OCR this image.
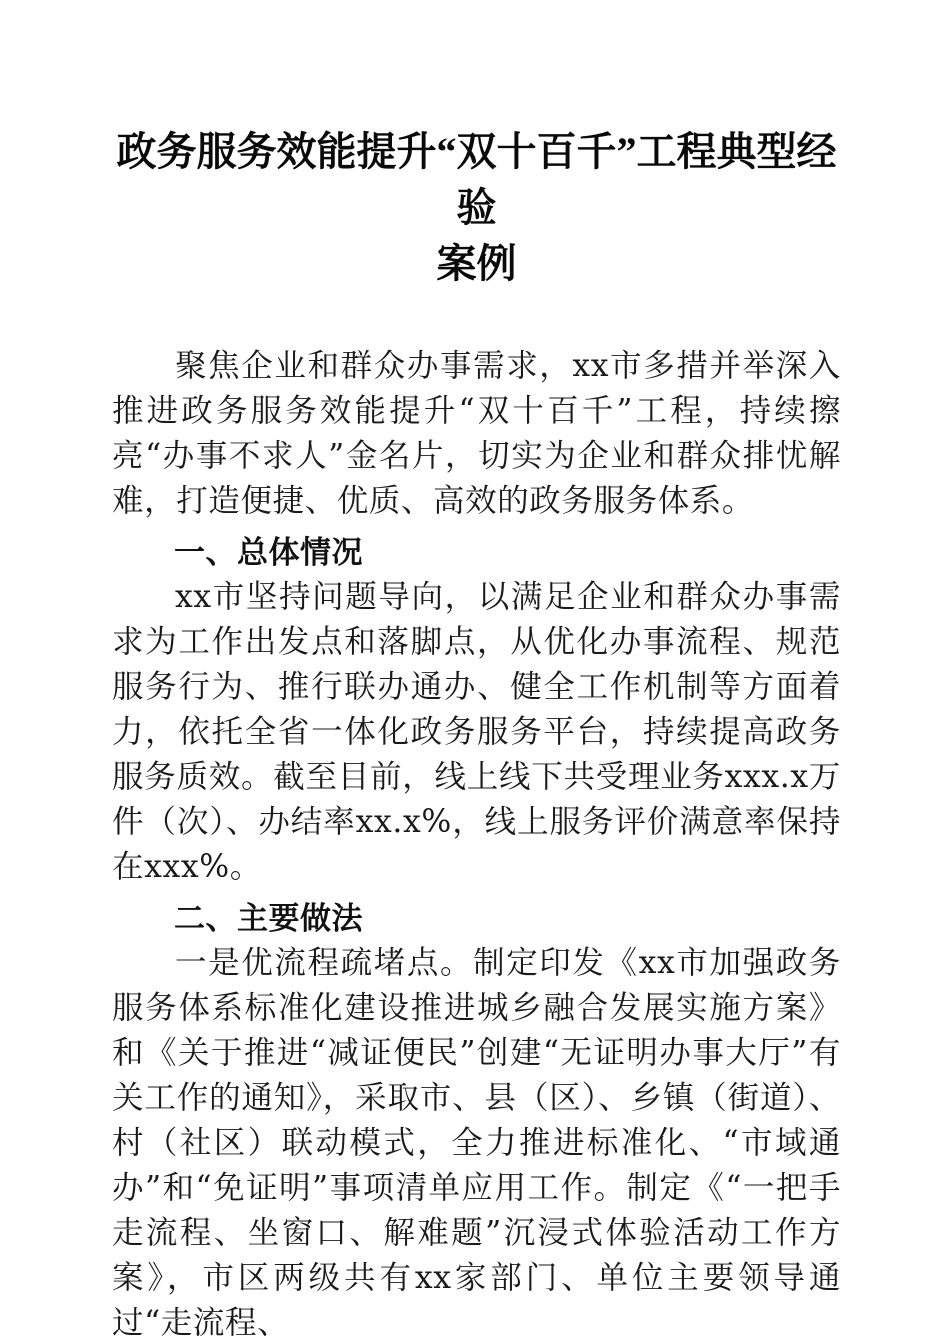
政务服务效能提升“双十百千”工程典型经验
案例

聚焦企业和群众办事需求，xx市多措并举深入推进政务服务效能提升“双十百千”工程，持续擦亮“办事不求人”金名片，切实为企业和群众排忧解难，打造便捷、优质、高效的政务服务体系。

一、总体情况

xx市坚持问题导向，以满足企业和群众办事需求为工作出发点和落脚点，从优化办事流程、规范服务行为、推行联办通办、健全工作机制等方面着力，依托全省一体化政务服务平台，持续提高政务服务质效。截至目前，线上线下共受理业务xxx.x万件（次）、办结率xx.x%，线上服务评价满意率保持在xxx%。

二、主要做法

一是优流程疏堵点。制定印发《xx市加强政务服务体系标准化建设推进城乡融合发展实施方案》和《关于推进“减证便民”创建“无证明办事大厅”有关工作的通知》，采取市、县（区）、乡镇（街道）、村（社区）联动模式，全力推进标准化、“市域通办”和“免证明”事项清单应用工作。制定《“一把手走流程、坐窗口、解难题”沉浸式体验活动工作方案》，市区两级共有xx家部门、单位主要领导通过“走流程、
